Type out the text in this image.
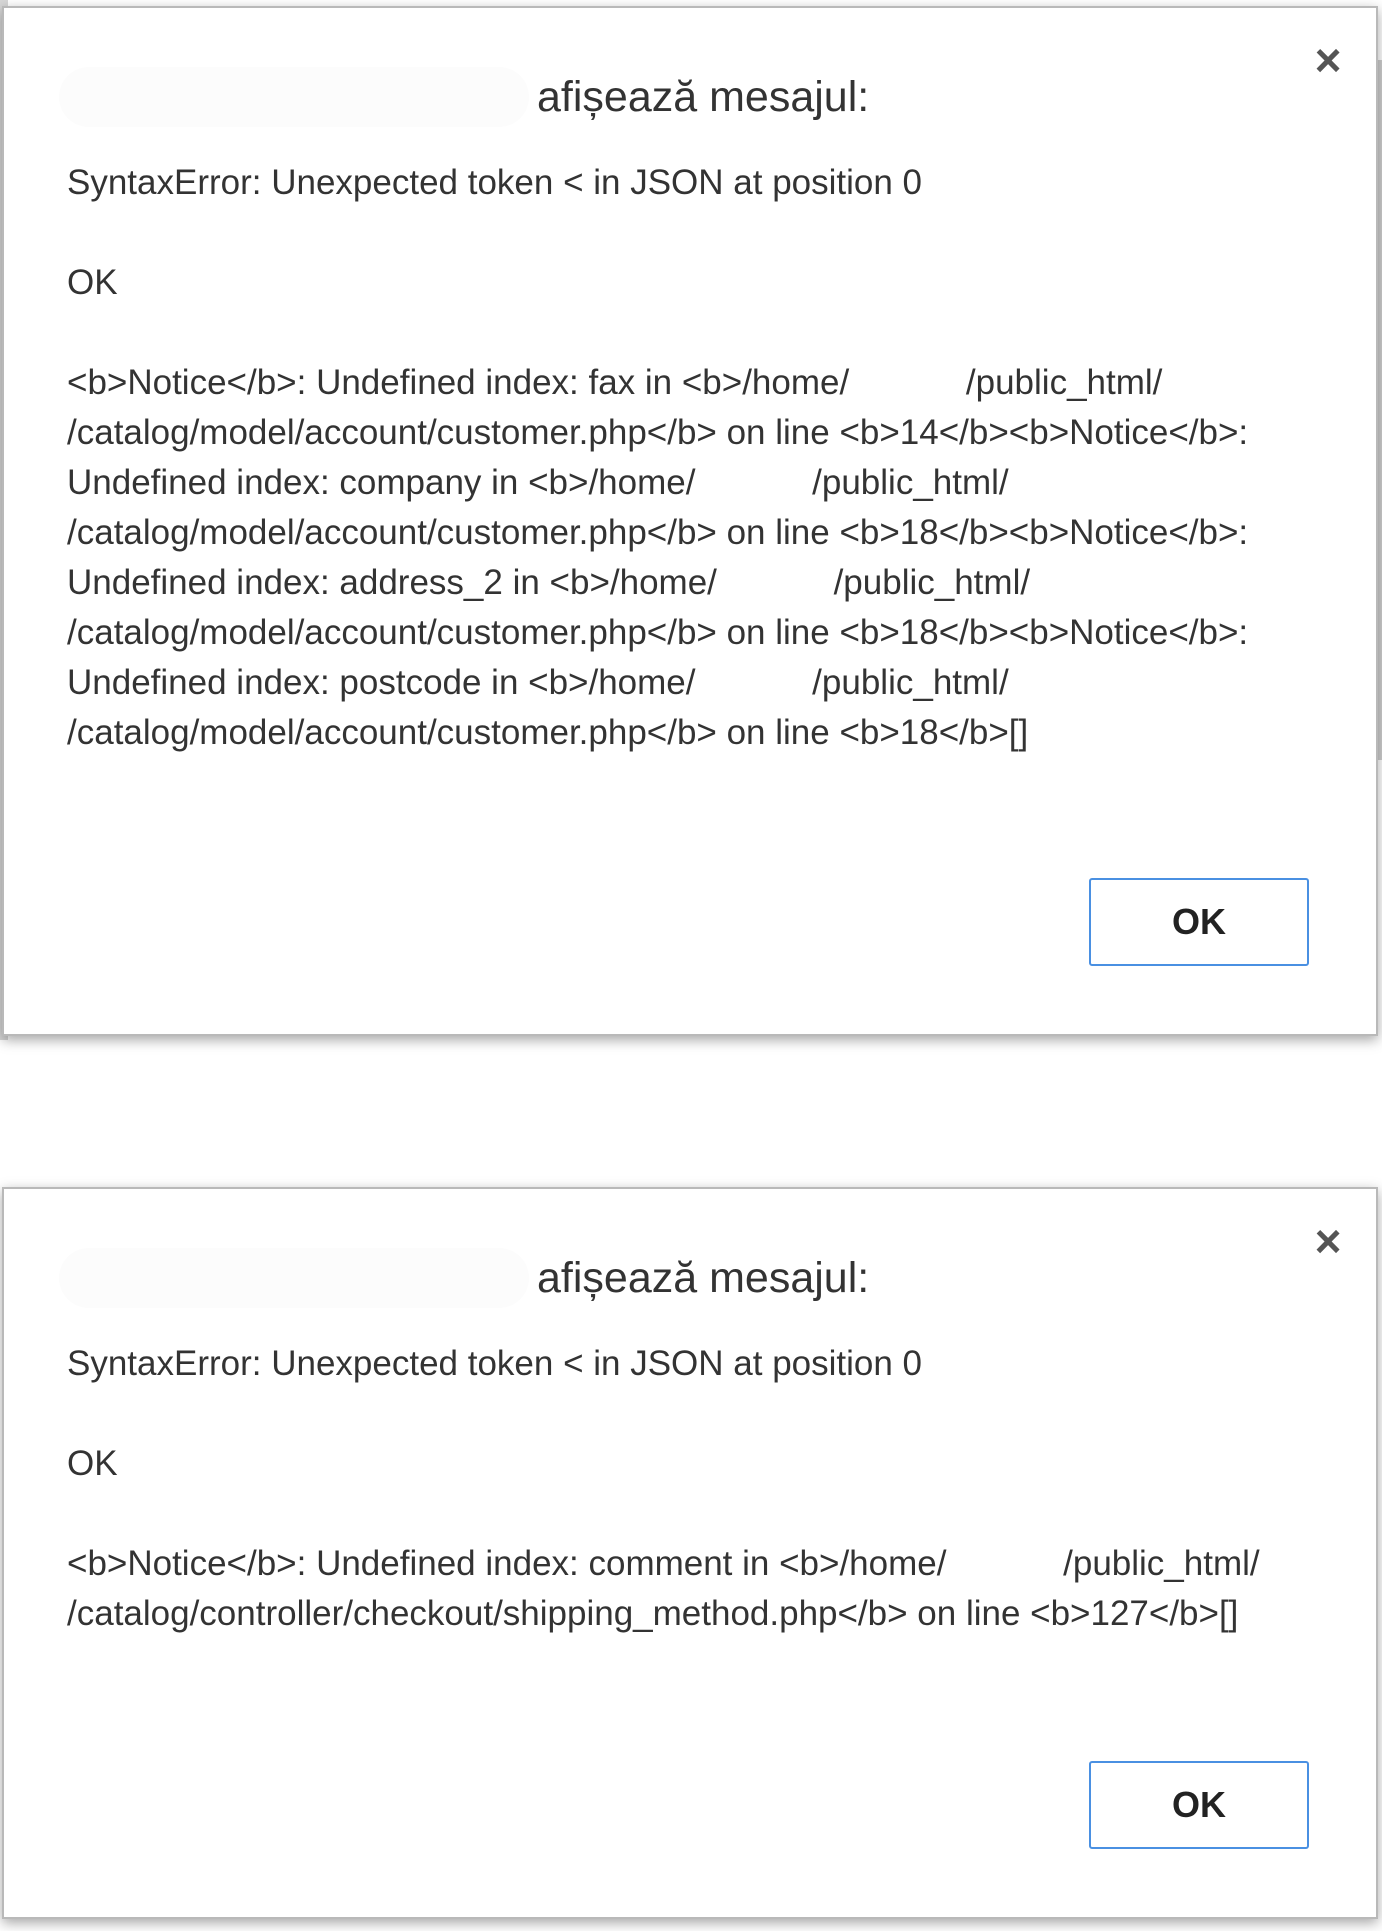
afișează mesajul:
×
SyntaxError: Unexpected token < in JSON at position 0

OK

<b>Notice</b>: Undefined index: fax in <b>/home/            /public_html/              /catalog/model/account/customer.php</b> on line <b>14</b><b>Notice</b>: Undefined index: company in <b>/home/            /public_html/            /catalog/model/account/customer.php</b> on line <b>18</b><b>Notice</b>: Undefined index: address_2 in <b>/home/            /public_html/            /catalog/model/account/customer.php</b> on line <b>18</b><b>Notice</b>: Undefined index: postcode in <b>/home/            /public_html/            /catalog/model/account/customer.php</b> on line <b>18</b>[]
OK
afișează mesajul:
×
SyntaxError: Unexpected token < in JSON at position 0

OK

<b>Notice</b>: Undefined index: comment in <b>/home/            /public_html/            /catalog/controller/checkout/shipping_method.php</b> on line <b>127</b>[]
OK
